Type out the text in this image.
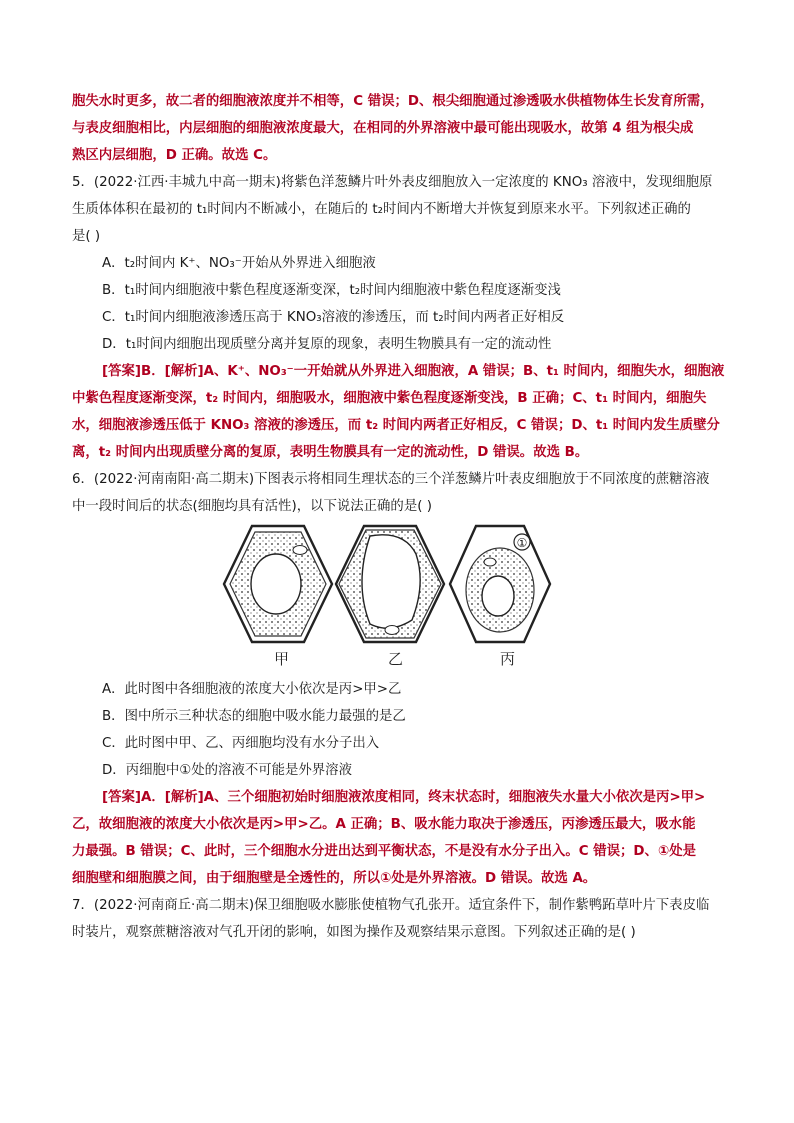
胞失水时更多，故二者的细胞液浓度并不相等，C 错误；D、根尖细胞通过渗透吸水供植物体生长发育所需，
与表皮细胞相比，内层细胞的细胞液浓度最大，在相同的外界溶液中最可能出现吸水，故第 4 组为根尖成
熟区内层细胞，D 正确。故选 C。
5．(2022·江西·丰城九中高一期末)将紫色洋葱鳞片叶外表皮细胞放入一定浓度的 KNO₃ 溶液中，发现细胞原
生质体体积在最初的 t₁时间内不断减小，在随后的 t₂时间内不断增大并恢复到原来水平。下列叙述正确的
是( )
A．t₂时间内 K⁺、NO₃⁻开始从外界进入细胞液
B．t₁时间内细胞液中紫色程度逐渐变深，t₂时间内细胞液中紫色程度逐渐变浅
C．t₁时间内细胞液渗透压高于 KNO₃溶液的渗透压，而 t₂时间内两者正好相反
D．t₁时间内细胞出现质壁分离并复原的现象，表明生物膜具有一定的流动性
[答案]B．[解析]A、K⁺、NO₃⁻一开始就从外界进入细胞液，A 错误；B、t₁ 时间内，细胞失水，细胞液
中紫色程度逐渐变深，t₂ 时间内，细胞吸水，细胞液中紫色程度逐渐变浅，B 正确；C、t₁ 时间内，细胞失
水，细胞液渗透压低于 KNO₃ 溶液的渗透压，而 t₂ 时间内两者正好相反，C 错误；D、t₁ 时间内发生质壁分
离，t₂ 时间内出现质壁分离的复原，表明生物膜具有一定的流动性，D 错误。故选 B。
6．(2022·河南南阳·高二期末)下图表示将相同生理状态的三个洋葱鳞片叶表皮细胞放于不同浓度的蔗糖溶液
中一段时间后的状态(细胞均具有活性)，以下说法正确的是( )
①
甲	乙	丙
A．此时图中各细胞液的浓度大小依次是丙>甲>乙
B．图中所示三种状态的细胞中吸水能力最强的是乙
C．此时图中甲、乙、丙细胞均没有水分子出入
D．丙细胞中①处的溶液不可能是外界溶液
[答案]A．[解析]A、三个细胞初始时细胞液浓度相同，终末状态时，细胞液失水量大小依次是丙>甲>
乙，故细胞液的浓度大小依次是丙>甲>乙。A 正确；B、吸水能力取决于渗透压，丙渗透压最大，吸水能
力最强。B 错误；C、此时，三个细胞水分进出达到平衡状态，不是没有水分子出入。C 错误；D、①处是
细胞壁和细胞膜之间，由于细胞壁是全透性的，所以①处是外界溶液。D 错误。故选 A。
7．(2022·河南商丘·高二期末)保卫细胞吸水膨胀使植物气孔张开。适宜条件下，制作紫鸭跖草叶片下表皮临
时装片，观察蔗糖溶液对气孔开闭的影响，如图为操作及观察结果示意图。下列叙述正确的是( )
